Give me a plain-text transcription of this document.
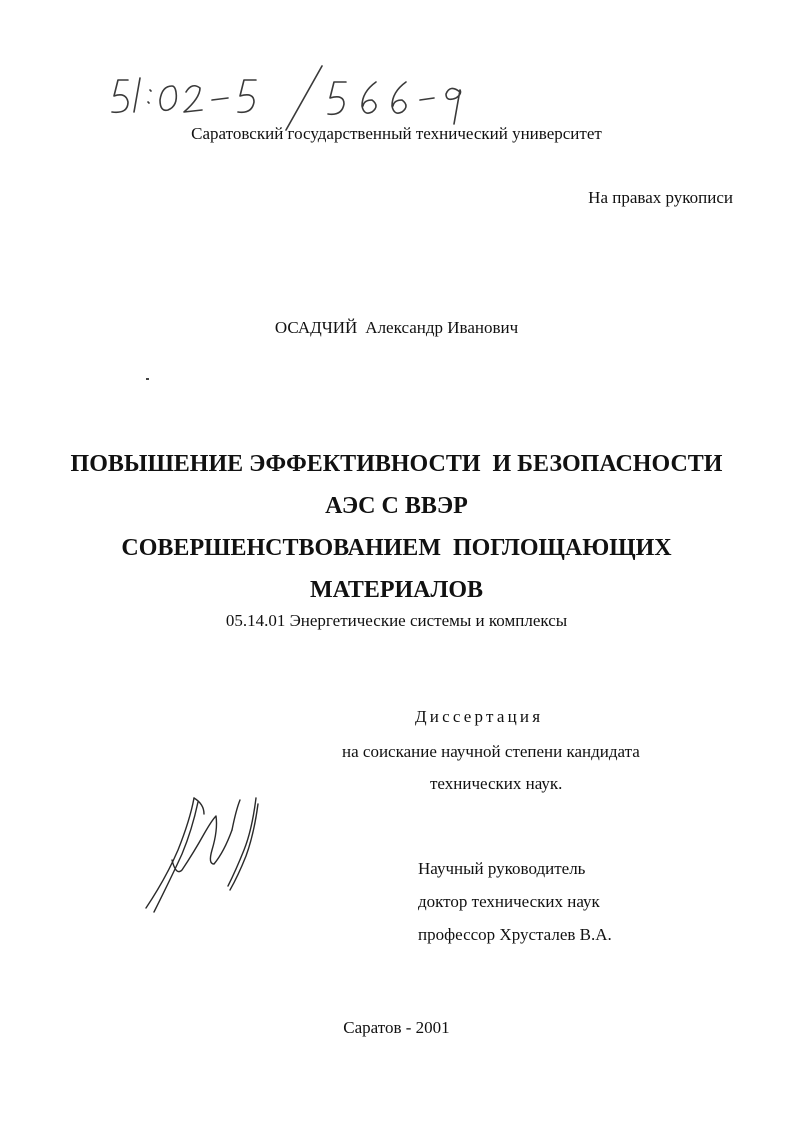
Саратовский государственный технический университет
На правах рукописи
ОСАДЧИЙ Александр Иванович
ПОВЫШЕНИЕ ЭФФЕКТИВНОСТИ  И БЕЗОПАСНОСТИ
АЭС С ВВЭР
СОВЕРШЕНСТВОВАНИЕМ  ПОГЛОЩАЮЩИХ
МАТЕРИАЛОВ
05.14.01 Энергетические системы и комплексы
Диссертация
на соискание научной степени кандидата
технических наук.
Научный руководитель
доктор технических наук
профессор Хрусталев В.А.
Саратов - 2001
